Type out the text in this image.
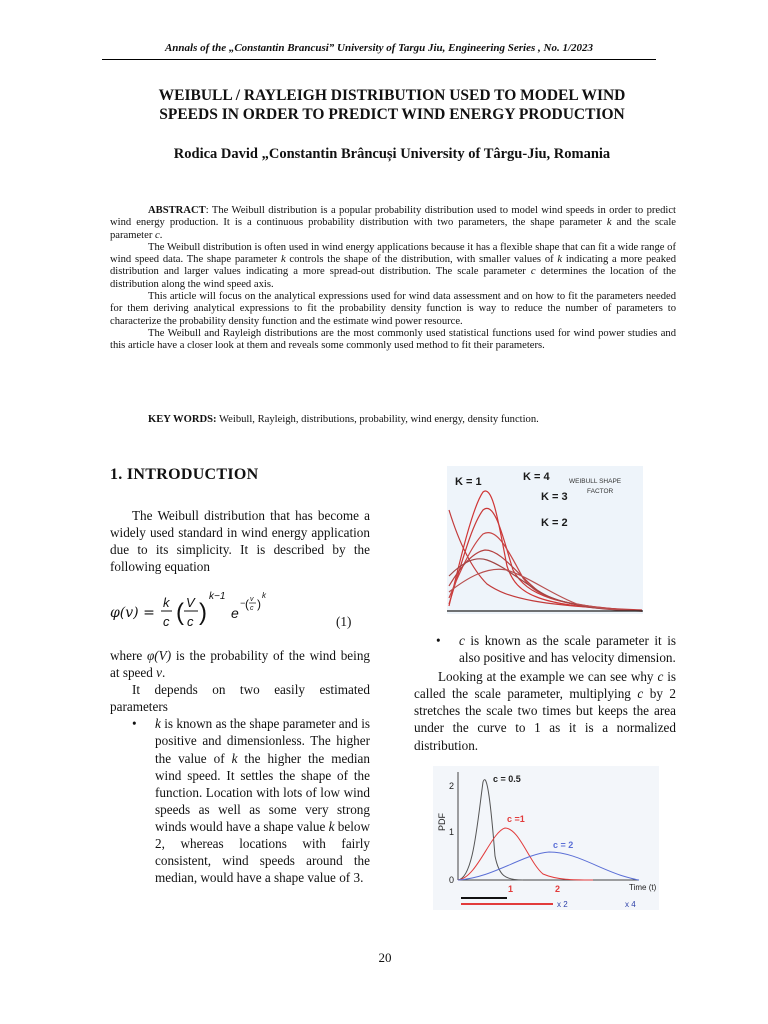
Annals of the „Constantin Brancusi” University of Targu Jiu, Engineering Series , No. 1/2023
WEIBULL / RAYLEIGH DISTRIBUTION USED TO MODEL WIND
SPEEDS IN ORDER TO PREDICT WIND ENERGY PRODUCTION
Rodica David „Constantin Brâncuși University of Târgu-Jiu, Romania

ABSTRACT: The Weibull distribution is a popular probability distribution used to model wind speeds in order to predict wind energy production. It is a continuous probability distribution with two parameters, the shape parameter k and the scale parameter c.

The Weibull distribution is often used in wind energy applications because it has a flexible shape that can fit a wide range of wind speed data. The shape parameter k controls the shape of the distribution, with smaller values of k indicating a more peaked distribution and larger values indicating a more spread-out distribution. The scale parameter c determines the location of the distribution along the wind speed axis.

This article will focus on the analytical expressions used for wind data assessment and on how to fit the parameters needed for them deriving analytical expressions to fit the probability density function is way to reduce the number of parameters to characterize the probability density function and the estimate wind power resource.

The Weibull and Rayleigh distributions are the most commonly used statistical functions used for wind power studies and this article have a closer look at them and reveals some commonly used method to fit their parameters.

KEY WORDS: Weibull, Rayleigh, distributions, probability, wind energy, density function.
1. INTRODUCTION

The Weibull distribution that has become a widely used standard in wind energy application due to its simplicity. It is described by the following equation

φ(v) =
k
c ( V
c )
k−1
e
− ( v
c )
k
(1)

where φ(V) is the probability of the wind being at speed v.

It depends on two easily estimated parameters

• k is known as the shape parameter and is positive and dimensionless. The higher the value of k the higher the median wind speed. It settles the shape of the function. Location with lots of low wind speeds as well as some very strong winds would have a shape value k below 2, whereas locations with fairly consistent, wind speeds around the median, would have a shape value of 3.
K = 1	K = 4
K = 3
K = 2
WEIBULL SHAPE
FACTOR
• c is known as the scale parameter it is also positive and has velocity dimension.

Looking at the example we can see why c is called the scale parameter, multiplying c by 2 stretches the scale two times but keeps the area under the curve to 1 as it is a normalized distribution.

PDF
2
1
0
Time (t)
1	2
c = 0.5
c =1
c = 2
x 2	x 4
20
